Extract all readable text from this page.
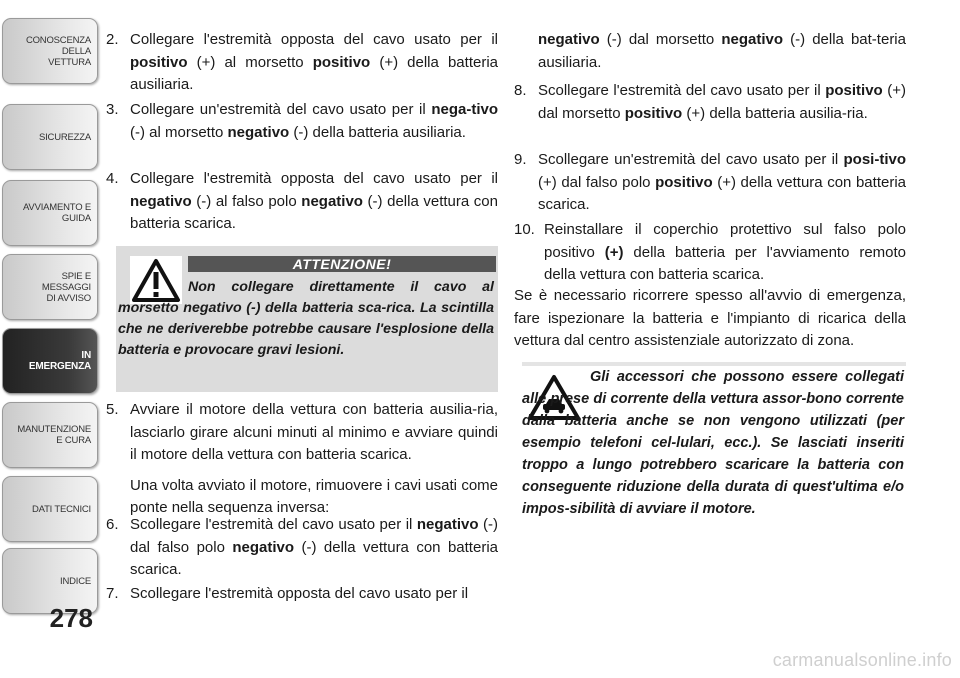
CONOSCENZA DELLA
VETTURA
SICUREZZA
AVVIAMENTO E
GUIDA
SPIE E
MESSAGGI
DI AVVISO
IN
EMERGENZA
MANUTENZIONE
E CURA
DATI TECNICI
INDICE
278
2. Collegare l'estremità opposta del cavo usato per il positivo (+) al morsetto positivo (+) della batteria ausiliaria.
3. Collegare un'estremità del cavo usato per il nega-tivo (-) al morsetto negativo (-) della batteria ausiliaria.
4. Collegare l'estremità opposta del cavo usato per il negativo (-) al falso polo negativo (-) della vettura con batteria scarica.
ATTENZIONE!
Non collegare direttamente il cavo al morsetto negativo (-) della batteria sca-rica. La scintilla che ne deriverebbe potrebbe causare l'esplosione della batteria e provocare gravi lesioni.
5. Avviare il motore della vettura con batteria ausilia-ria, lasciarlo girare alcuni minuti al minimo e avviare quindi il motore della vettura con batteria scarica.
Una volta avviato il motore, rimuovere i cavi usati come ponte nella sequenza inversa:
6. Scollegare l'estremità del cavo usato per il negativo (-) dal falso polo negativo (-) della vettura con batteria scarica.
7. Scollegare l'estremità opposta del cavo usato per il
negativo (-) dal morsetto negativo (-) della bat-teria ausiliaria.
8. Scollegare l'estremità del cavo usato per il positivo (+) dal morsetto positivo (+) della batteria ausilia-ria.
9. Scollegare un'estremità del cavo usato per il posi-tivo (+) dal falso polo positivo (+) della vettura con batteria scarica.
10. Reinstallare il coperchio protettivo sul falso polo positivo (+) della batteria per l'avviamento remoto della vettura con batteria scarica.
Se è necessario ricorrere spesso all'avvio di emergenza, fare ispezionare la batteria e l'impianto di ricarica della vettura dal centro assistenziale autorizzato di zona.
Gli accessori che possono essere collegati alle prese di corrente della vettura assor-bono corrente dalla batteria anche se non vengono utilizzati (per esempio telefoni cel-lulari, ecc.). Se lasciati inseriti troppo a lungo potrebbero scaricare la batteria con conseguente riduzione della durata di quest'ultima e/o impos-sibilità di avviare il motore.
carmanualsonline.info
